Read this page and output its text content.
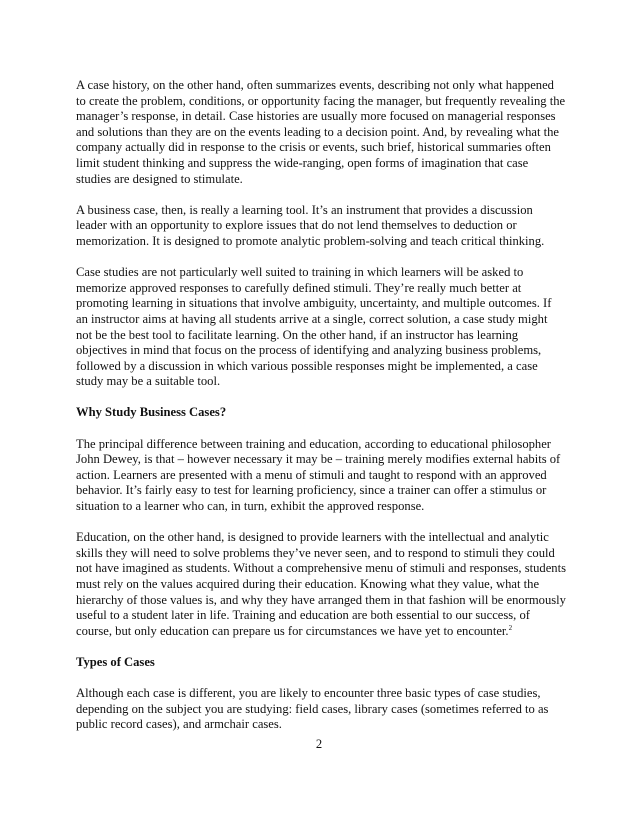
A case history, on the other hand, often summarizes events, describing not only what happened to create the problem, conditions, or opportunity facing the manager, but frequently revealing the manager’s response, in detail. Case histories are usually more focused on managerial responses and solutions than they are on the events leading to a decision point. And, by revealing what the company actually did in response to the crisis or events, such brief, historical summaries often limit student thinking and suppress the wide-ranging, open forms of imagination that case studies are designed to stimulate.

A business case, then, is really a learning tool. It’s an instrument that provides a discussion leader with an opportunity to explore issues that do not lend themselves to deduction or memorization. It is designed to promote analytic problem-solving and teach critical thinking.

Case studies are not particularly well suited to training in which learners will be asked to memorize approved responses to carefully defined stimuli. They’re really much better at promoting learning in situations that involve ambiguity, uncertainty, and multiple outcomes. If an instructor aims at having all students arrive at a single, correct solution, a case study might not be the best tool to facilitate learning. On the other hand, if an instructor has learning objectives in mind that focus on the process of identifying and analyzing business problems, followed by a discussion in which various possible responses might be implemented, a case study may be a suitable tool.

Why Study Business Cases?

The principal difference between training and education, according to educational philosopher John Dewey, is that – however necessary it may be – training merely modifies external habits of action. Learners are presented with a menu of stimuli and taught to respond with an approved behavior. It’s fairly easy to test for learning proficiency, since a trainer can offer a stimulus or situation to a learner who can, in turn, exhibit the approved response.

Education, on the other hand, is designed to provide learners with the intellectual and analytic skills they will need to solve problems they’ve never seen, and to respond to stimuli they could not have imagined as students. Without a comprehensive menu of stimuli and responses, students must rely on the values acquired during their education. Knowing what they value, what the hierarchy of those values is, and why they have arranged them in that fashion will be enormously useful to a student later in life. Training and education are both essential to our success, of course, but only education can prepare us for circumstances we have yet to encounter.$^2$

Types of Cases

Although each case is different, you are likely to encounter three basic types of case studies, depending on the subject you are studying: field cases, library cases (sometimes referred to as public record cases), and armchair cases.

2
